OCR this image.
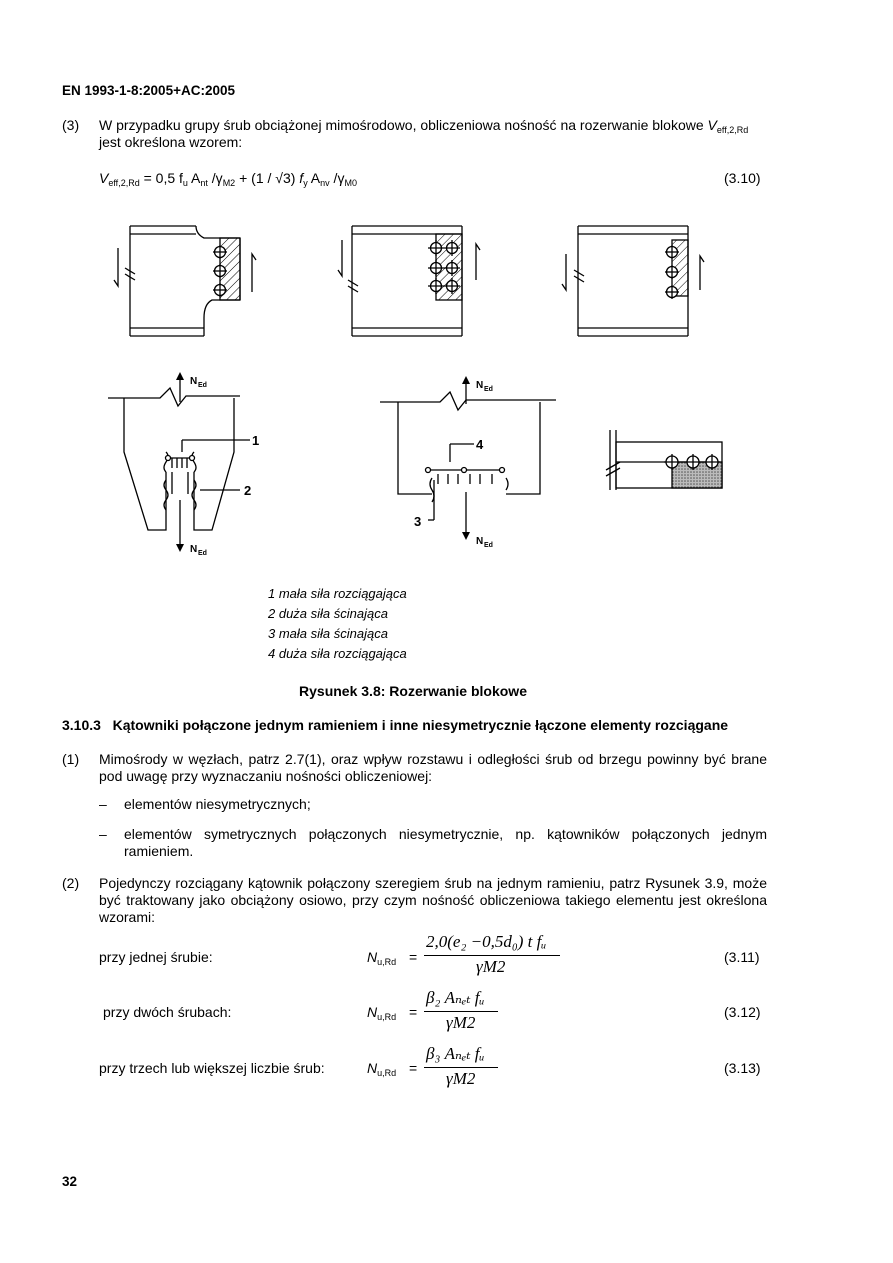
EN 1993-1-8:2005+AC:2005
(3) W przypadku grupy śrub obciążonej mimośrodowo, obliczeniowa nośność na rozerwanie blokowe $V_{eff,2,Rd}$
jest określona wzorem:
$V_{eff,2,Rd} = 0,5$ $f_u$ $A_{nt}$ $/\gamma_{M2} + (1 / √3)$ $f_y$ $A_{nv}$ $/\gamma_{M0}$	(3.10)
N Ed
N Ed
N Ed
N Ed
1
2
3
4
1 mała siła rozciągająca
2 duża siła ścinająca
3 mała siła ścinająca
4 duża siła rozciągająca
Rysunek 3.8: Rozerwanie blokowe
3.10.3 Kątowniki połączone jednym ramieniem i inne niesymetrycznie łączone elementy rozciągane
(1) Mimośrody w węzłach, patrz 2.7(1), oraz wpływ rozstawu i odległości śrub od brzegu powinny być brane pod uwagę przy wyznaczaniu nośności obliczeniowej:
– elementów niesymetrycznych;
– elementów symetrycznych połączonych niesymetrycznie, np. kątowników połączonych jednym ramieniem.
(2) Pojedynczy rozciągany kątownik połączony szeregiem śrub na jednym ramieniu, patrz Rysunek 3.9, może być traktowany jako obciążony osiowo, przy czym nośność obliczeniowa takiego elementu jest określona wzorami:
przy jednej śrubie:	$N_{u,Rd}$ =
2,0(e₂ −0,5d₀) t fᵤ
γM2	(3.11)
przy dwóch śrubach:	$N_{u,Rd}$ =
β₂ Aₙₑₜ fᵤ
γM2
(3.12)
przy trzech lub większej liczbie śrub:	$N_{u,Rd}$ =
β₃ Aₙₑₜ fᵤ
γM2
(3.13)
32
